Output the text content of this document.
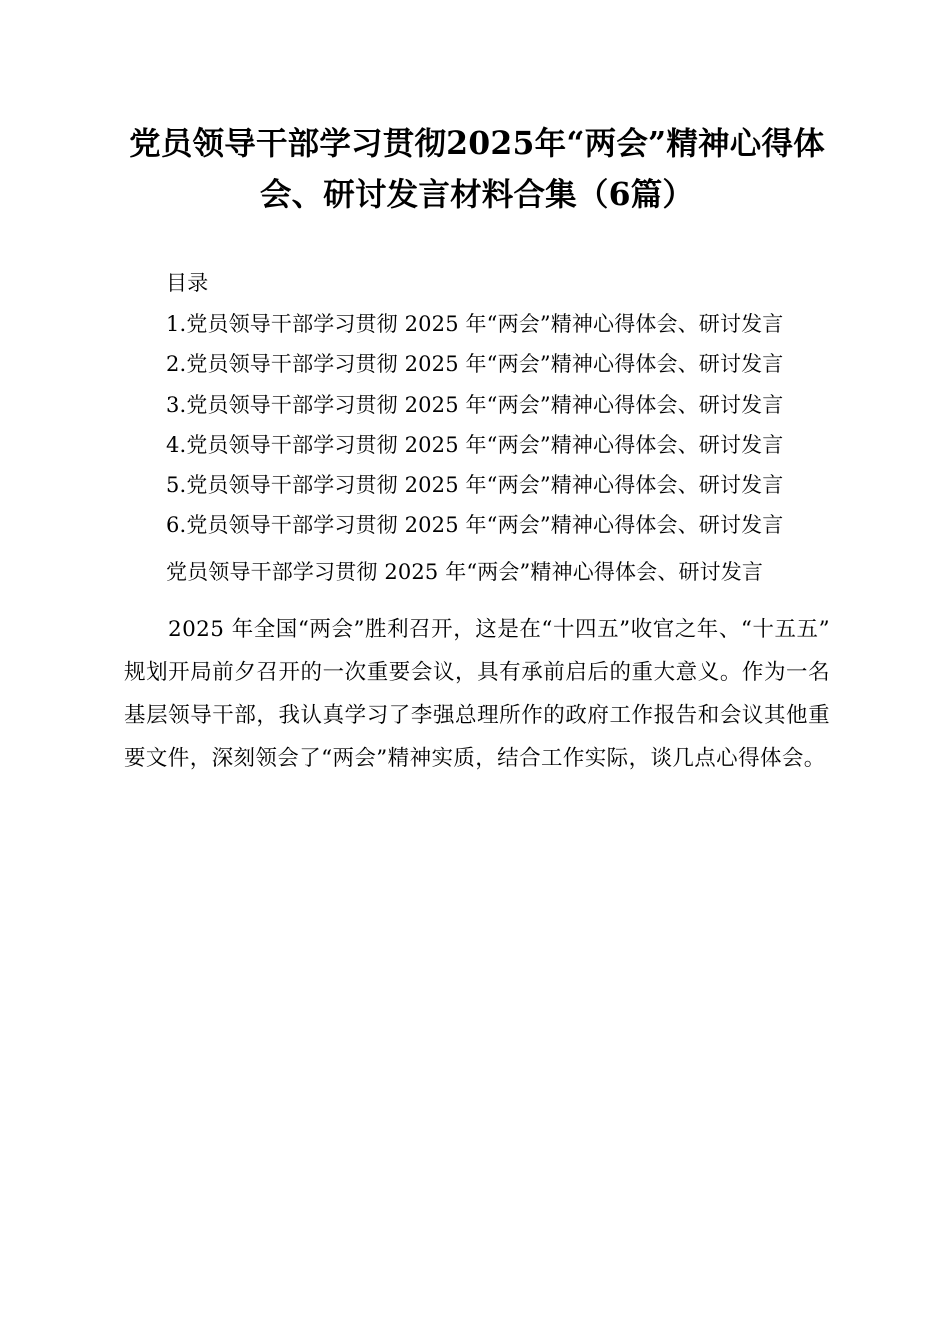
党员领导干部学习贯彻2025年“两会”精神心得体会、研讨发言材料合集（6篇）
目录
1.党员领导干部学习贯彻 2025 年“两会”精神心得体会、研讨发言
2.党员领导干部学习贯彻 2025 年“两会”精神心得体会、研讨发言
3.党员领导干部学习贯彻 2025 年“两会”精神心得体会、研讨发言
4.党员领导干部学习贯彻 2025 年“两会”精神心得体会、研讨发言
5.党员领导干部学习贯彻 2025 年“两会”精神心得体会、研讨发言
6.党员领导干部学习贯彻 2025 年“两会”精神心得体会、研讨发言
党员领导干部学习贯彻 2025 年“两会”精神心得体会、研讨发言

2025 年全国“两会”胜利召开，这是在“十四五”收官之年、“十五五”规划开局前夕召开的一次重要会议，具有承前启后的重大意义。作为一名基层领导干部，我认真学习了李强总理所作的政府工作报告和会议其他重要文件，深刻领会了“两会”精神实质，结合工作实际，谈几点心得体会。
